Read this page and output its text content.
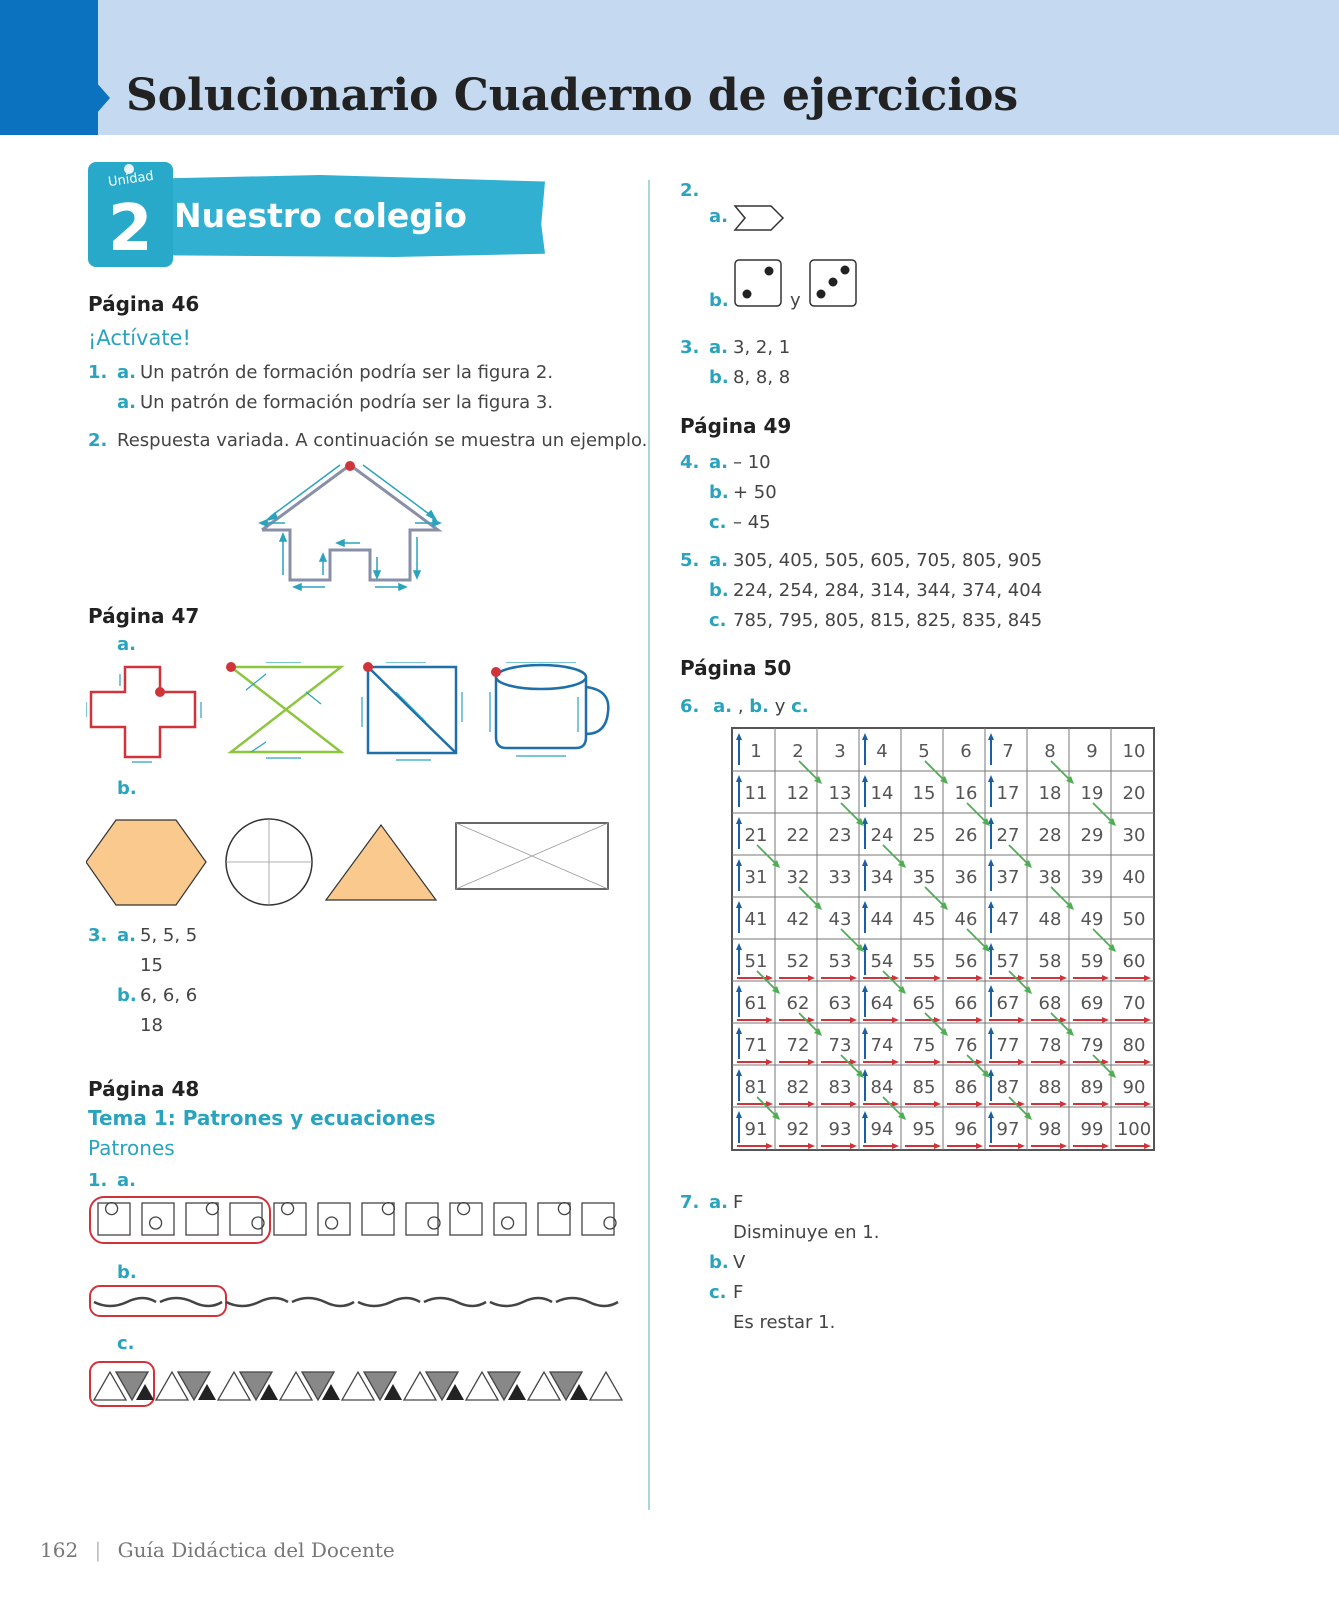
Solucionario Cuaderno de ejercicios
Unidad
2 Nuestro colegio
Página 46
¡Actívate!
1. a. Un patrón de formación podría ser la figura 2.
a. Un patrón de formación podría ser la figura 3.
2. Respuesta variada. A continuación se muestra un ejemplo.
Página 47
a.
b.
3. a. 5, 5, 5
15
b. 6, 6, 6
18
Página 48
Tema 1: Patrones y ecuaciones
Patrones
1. a.
b.
c.
2.
a.
b.	y
3. a. 3, 2, 1
b. 8, 8, 8
Página 49
4. a. – 10
b. + 50
c. – 45
5. a. 305, 405, 505, 605, 705, 805, 905
b. 224, 254, 284, 314, 344, 374, 404
c. 785, 795, 805, 815, 825, 835, 845
Página 50
6. a. , b. y c.
1 2 3 4 5 6 7 8 9 10
11 12 13 14 15 16 17 18 19 20
21 22 23 24 25 26 27 28 29 30
31 32 33 34 35 36 37 38 39 40
41 42 43 44 45 46 47 48 49 50
51 52 53 54 55 56 57 58 59 60
61 62 63 64 65 66 67 68 69 70
71 72 73 74 75 76 77 78 79 80
81 82 83 84 85 86 87 88 89 90
91 92 93 94 95 96 97 98 99 100
7. a. F
Disminuye en 1.
b. V
c. F
Es restar 1.
162 | Guía Didáctica del Docente
